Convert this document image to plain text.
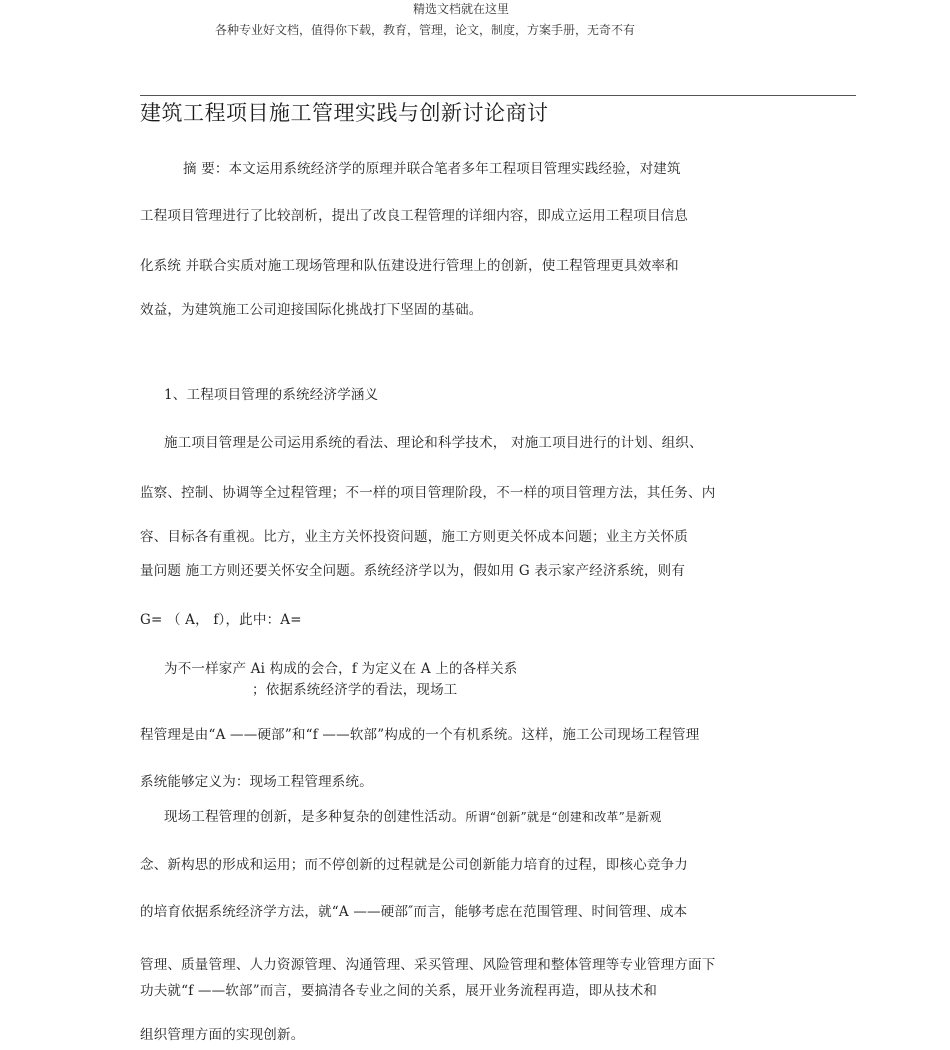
精选文档就在这里
各种专业好文档，值得你下载，教育，管理，论文，制度，方案手册，无奇不有
建筑工程项目施工管理实践与创新讨论商讨
摘 要：本文运用系统经济学的原理并联合笔者多年工程项目管理实践经验，对建筑
工程项目管理进行了比较剖析，提出了改良工程管理的详细内容，即成立运用工程项目信息
化系统 并联合实质对施工现场管理和队伍建设进行管理上的创新，使工程管理更具效率和
效益，为建筑施工公司迎接国际化挑战打下坚固的基础。
1、工程项目管理的系统经济学涵义
施工项目管理是公司运用系统的看法、理论和科学技术， 对施工项目进行的计划、组织、
监察、控制、协调等全过程管理；不一样的项目管理阶段，不一样的项目管理方法，其任务、内
容、目标各有重视。比方，业主方关怀投资问题，施工方则更关怀成本问题；业主方关怀质
量问题 施工方则还要关怀安全问题。系统经济学以为，假如用 G 表示家产经济系统，则有
G= （ A， f），此中：A=
为不一样家产 Ai 构成的会合，f 为定义在 A 上的各样关系
；依据系统经济学的看法，现场工
程管理是由“A ——硬部”和“f ——软部”构成的一个有机系统。这样，施工公司现场工程管理
系统能够定义为：现场工程管理系统。
现场工程管理的创新，是多种复杂的创建性活动。所谓“创新”就是“创建和改革”是新观
念、新构思的形成和运用；而不停创新的过程就是公司创新能力培育的过程，即核心竞争力
的培育依据系统经济学方法，就“A ——硬部″而言，能够考虑在范围管理、时间管理、成本
管理、质量管理、人力资源管理、沟通管理、采买管理、风险管理和整体管理等专业管理方面下
功夫就“f ——软部”而言，要搞清各专业之间的关系，展开业务流程再造，即从技术和
组织管理方面的实现创新。
